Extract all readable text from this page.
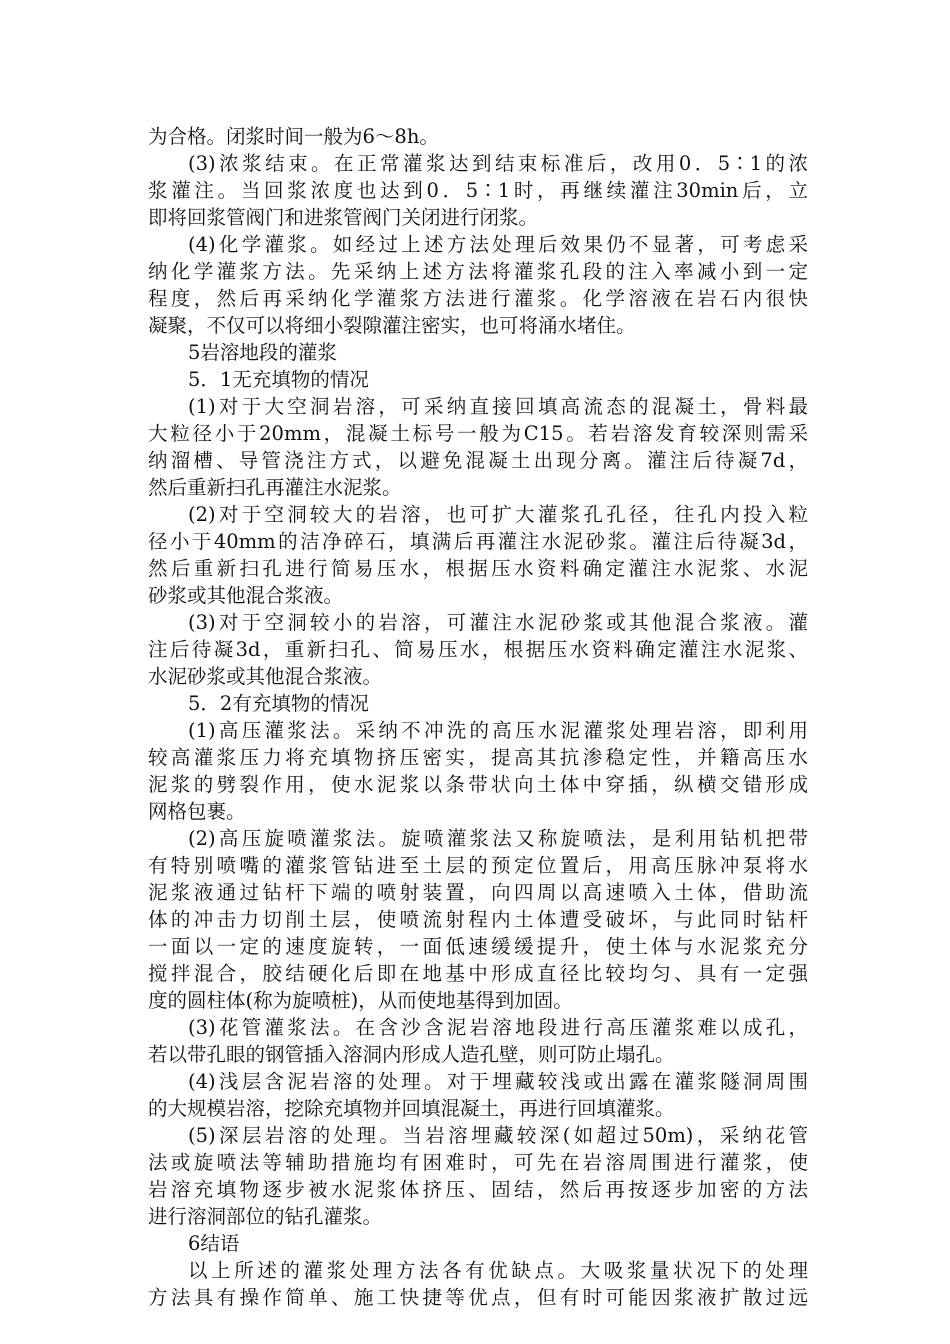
为合格。闭浆时间一般为6～8h。
(3)浓浆结束。在正常灌浆达到结束标准后，改用0．5∶1的浓
浆灌注。当回浆浓度也达到0．5∶1时，再继续灌注30min后，立
即将回浆管阀门和进浆管阀门关闭进行闭浆。
(4)化学灌浆。如经过上述方法处理后效果仍不显著，可考虑采
纳化学灌浆方法。先采纳上述方法将灌浆孔段的注入率减小到一定
程度，然后再采纳化学灌浆方法进行灌浆。化学溶液在岩石内很快
凝聚，不仅可以将细小裂隙灌注密实，也可将涌水堵住。
5岩溶地段的灌浆
5．1无充填物的情况
(1)对于大空洞岩溶，可采纳直接回填高流态的混凝土，骨料最
大粒径小于20mm，混凝土标号一般为C15。若岩溶发育较深则需采
纳溜槽、导管浇注方式，以避免混凝土出现分离。灌注后待凝7d，
然后重新扫孔再灌注水泥浆。
(2)对于空洞较大的岩溶，也可扩大灌浆孔孔径，往孔内投入粒
径小于40mm的洁净碎石，填满后再灌注水泥砂浆。灌注后待凝3d，
然后重新扫孔进行简易压水，根据压水资料确定灌注水泥浆、水泥
砂浆或其他混合浆液。
(3)对于空洞较小的岩溶，可灌注水泥砂浆或其他混合浆液。灌
注后待凝3d，重新扫孔、简易压水，根据压水资料确定灌注水泥浆、
水泥砂浆或其他混合浆液。
5．2有充填物的情况
(1)高压灌浆法。采纳不冲洗的高压水泥灌浆处理岩溶，即利用
较高灌浆压力将充填物挤压密实，提高其抗渗稳定性，并籍高压水
泥浆的劈裂作用，使水泥浆以条带状向土体中穿插，纵横交错形成
网格包裹。
(2)高压旋喷灌浆法。旋喷灌浆法又称旋喷法，是利用钻机把带
有特别喷嘴的灌浆管钻进至土层的预定位置后，用高压脉冲泵将水
泥浆液通过钻杆下端的喷射装置，向四周以高速喷入土体，借助流
体的冲击力切削土层，使喷流射程内土体遭受破坏，与此同时钻杆
一面以一定的速度旋转，一面低速缓缓提升，使土体与水泥浆充分
搅拌混合，胶结硬化后即在地基中形成直径比较均匀、具有一定强
度的圆柱体(称为旋喷桩)，从而使地基得到加固。
(3)花管灌浆法。在含沙含泥岩溶地段进行高压灌浆难以成孔，
若以带孔眼的钢管插入溶洞内形成人造孔壁，则可防止塌孔。
(4)浅层含泥岩溶的处理。对于埋藏较浅或出露在灌浆隧洞周围
的大规模岩溶，挖除充填物并回填混凝土，再进行回填灌浆。
(5)深层岩溶的处理。当岩溶埋藏较深(如超过50m)，采纳花管
法或旋喷法等辅助措施均有困难时，可先在岩溶周围进行灌浆，使
岩溶充填物逐步被水泥浆体挤压、固结，然后再按逐步加密的方法
进行溶洞部位的钻孔灌浆。
6结语
以上所述的灌浆处理方法各有优缺点。大吸浆量状况下的处理
方法具有操作简单、施工快捷等优点，但有时可能因浆液扩散过远
